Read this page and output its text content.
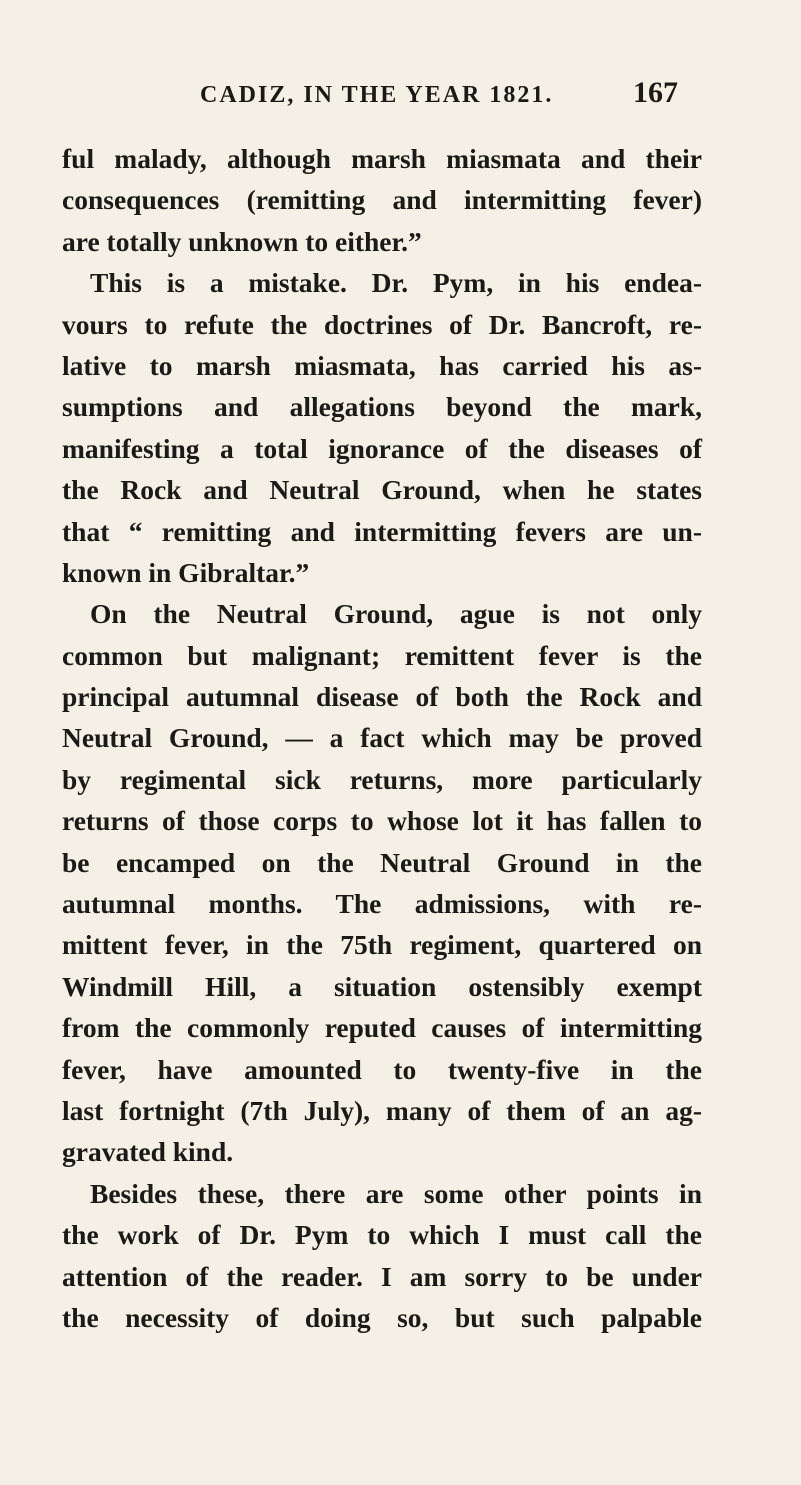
CADIZ, IN THE YEAR 1821.	167
ful malady, although marsh miasmata and their
consequences (remitting and intermitting fever)
are totally unknown to either.”
This is a mistake. Dr. Pym, in his endea-
vours to refute the doctrines of Dr. Bancroft, re-
lative to marsh miasmata, has carried his as-
sumptions and allegations beyond the mark,
manifesting a total ignorance of the diseases of
the Rock and Neutral Ground, when he states
that “ remitting and intermitting fevers are un-
known in Gibraltar.”
On the Neutral Ground, ague is not only
common but malignant; remittent fever is the
principal autumnal disease of both the Rock and
Neutral Ground, — a fact which may be proved
by regimental sick returns, more particularly
returns of those corps to whose lot it has fallen to
be encamped on the Neutral Ground in the
autumnal months. The admissions, with re-
mittent fever, in the 75th regiment, quartered on
Windmill Hill, a situation ostensibly exempt
from the commonly reputed causes of intermitting
fever, have amounted to twenty-five in the
last fortnight (7th July), many of them of an ag-
gravated kind.
Besides these, there are some other points in
the work of Dr. Pym to which I must call the
attention of the reader. I am sorry to be under
the necessity of doing so, but such palpable
